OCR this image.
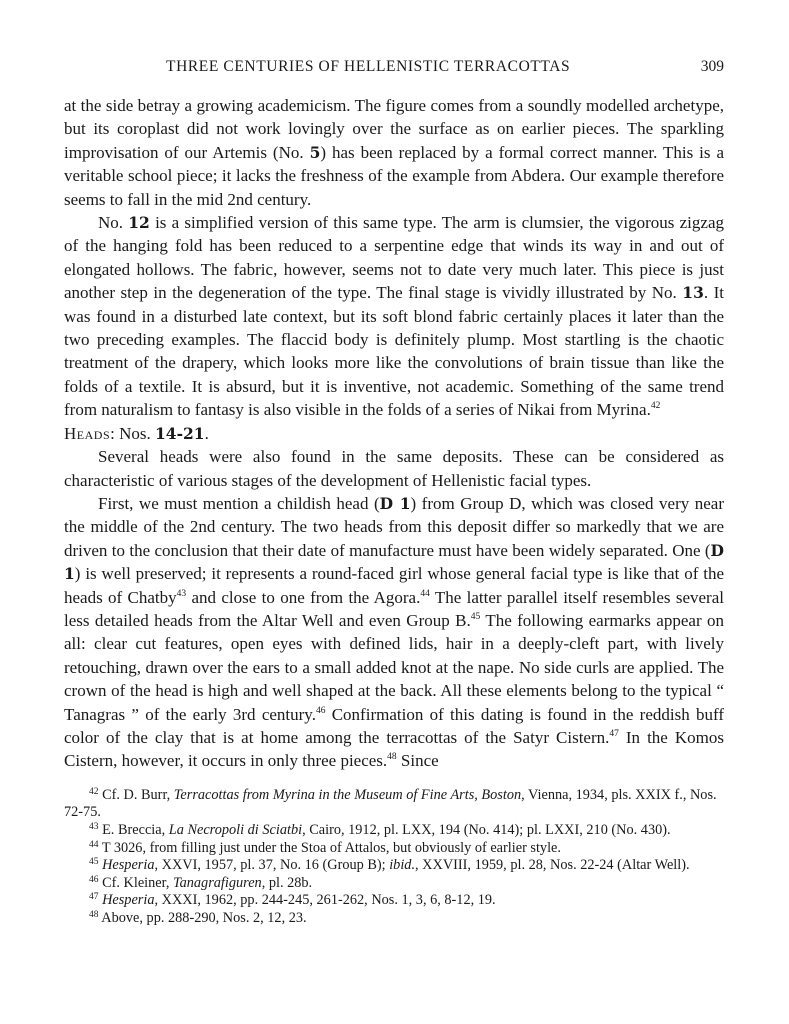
THREE CENTURIES OF HELLENISTIC TERRACOTTAS	309

at the side betray a growing academicism. The figure comes from a soundly modelled archetype, but its coroplast did not work lovingly over the surface as on earlier pieces. The sparkling improvisation of our Artemis (No. 5) has been replaced by a formal correct manner. This is a veritable school piece; it lacks the freshness of the example from Abdera. Our example therefore seems to fall in the mid 2nd century.

No. 12 is a simplified version of this same type. The arm is clumsier, the vigorous zigzag of the hanging fold has been reduced to a serpentine edge that winds its way in and out of elongated hollows. The fabric, however, seems not to date very much later. This piece is just another step in the degeneration of the type. The final stage is vividly illustrated by No. 13. It was found in a disturbed late context, but its soft blond fabric certainly places it later than the two preceding examples. The flaccid body is definitely plump. Most startling is the chaotic treatment of the drapery, which looks more like the convolutions of brain tissue than like the folds of a textile. It is absurd, but it is inventive, not academic. Something of the same trend from naturalism to fantasy is also visible in the folds of a series of Nikai from Myrina.$^{42}$

Heads: Nos. 14-21.

Several heads were also found in the same deposits. These can be considered as characteristic of various stages of the development of Hellenistic facial types.

First, we must mention a childish head (D 1) from Group D, which was closed very near the middle of the 2nd century. The two heads from this deposit differ so markedly that we are driven to the conclusion that their date of manufacture must have been widely separated. One (D 1) is well preserved; it represents a round-faced girl whose general facial type is like that of the heads of Chatby$^{43}$ and close to one from the Agora.$^{44}$ The latter parallel itself resembles several less detailed heads from the Altar Well and even Group B.$^{45}$ The following earmarks appear on all: clear cut features, open eyes with defined lids, hair in a deeply-cleft part, with lively retouching, drawn over the ears to a small added knot at the nape. No side curls are applied. The crown of the head is high and well shaped at the back. All these elements belong to the typical “ Tanagras ” of the early 3rd century.$^{46}$ Confirmation of this dating is found in the reddish buff color of the clay that is at home among the terracottas of the Satyr Cistern.$^{47}$ In the Komos Cistern, however, it occurs in only three pieces.$^{48}$ Since

$^{42}$ Cf. D. Burr, Terracottas from Myrina in the Museum of Fine Arts, Boston, Vienna, 1934, pls. XXIX f., Nos. 72-75.

$^{43}$ E. Breccia, La Necropoli di Sciatbi, Cairo, 1912, pl. LXX, 194 (No. 414); pl. LXXI, 210 (No. 430).

$^{44}$ T 3026, from filling just under the Stoa of Attalos, but obviously of earlier style.

$^{45}$ Hesperia, XXVI, 1957, pl. 37, No. 16 (Group B); ibid., XXVIII, 1959, pl. 28, Nos. 22-24 (Altar Well).

$^{46}$ Cf. Kleiner, Tanagrafiguren, pl. 28b.

$^{47}$ Hesperia, XXXI, 1962, pp. 244-245, 261-262, Nos. 1, 3, 6, 8-12, 19.

$^{48}$ Above, pp. 288-290, Nos. 2, 12, 23.
